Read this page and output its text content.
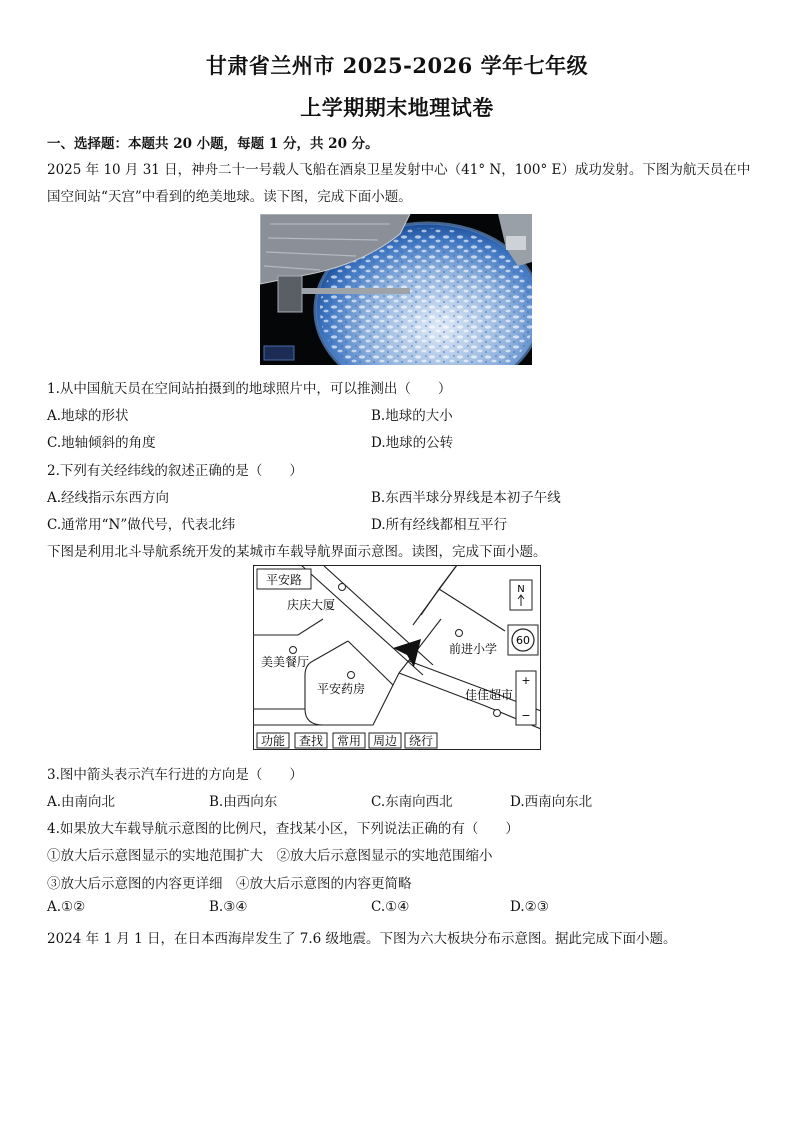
甘肃省兰州市 2025-2026 学年七年级
上学期期末地理试卷
一、选择题：本题共 20 小题，每题 1 分，共 20 分。
2025 年 10 月 31 日，神舟二十一号载人飞船在酒泉卫星发射中心（41° N，100° E）成功发射。下图为航天员在中
国空间站“天宫”中看到的绝美地球。读下图，完成下面小题。
1.从中国航天员在空间站拍摄到的地球照片中，可以推测出（　　）
A.地球的形状	B.地球的大小
C.地轴倾斜的角度	D.地球的公转
2.下列有关经纬线的叙述正确的是（　　）
A.经线指示东西方向	B.东西半球分界线是本初子午线
C.通常用“N”做代号，代表北纬	D.所有经线都相互平行
下图是利用北斗导航系统开发的某城市车载导航界面示意图。读图，完成下面小题。
平安路
庆庆大厦
美美餐厅
平安药房
前进小学
佳佳超市
N
60
+
−
功能 查找 常用 周边 绕行
3.图中箭头表示汽车行进的方向是（　　）
A.由南向北	B.由西向东	C.东南向西北	D.西南向东北
4.如果放大车载导航示意图的比例尺，查找某小区，下列说法正确的有（　　）
①放大后示意图显示的实地范围扩大　②放大后示意图显示的实地范围缩小
③放大后示意图的内容更详细　④放大后示意图的内容更简略
A.①②	B.③④	C.①④	D.②③
2024 年 1 月 1 日，在日本西海岸发生了 7.6 级地震。下图为六大板块分布示意图。据此完成下面小题。
